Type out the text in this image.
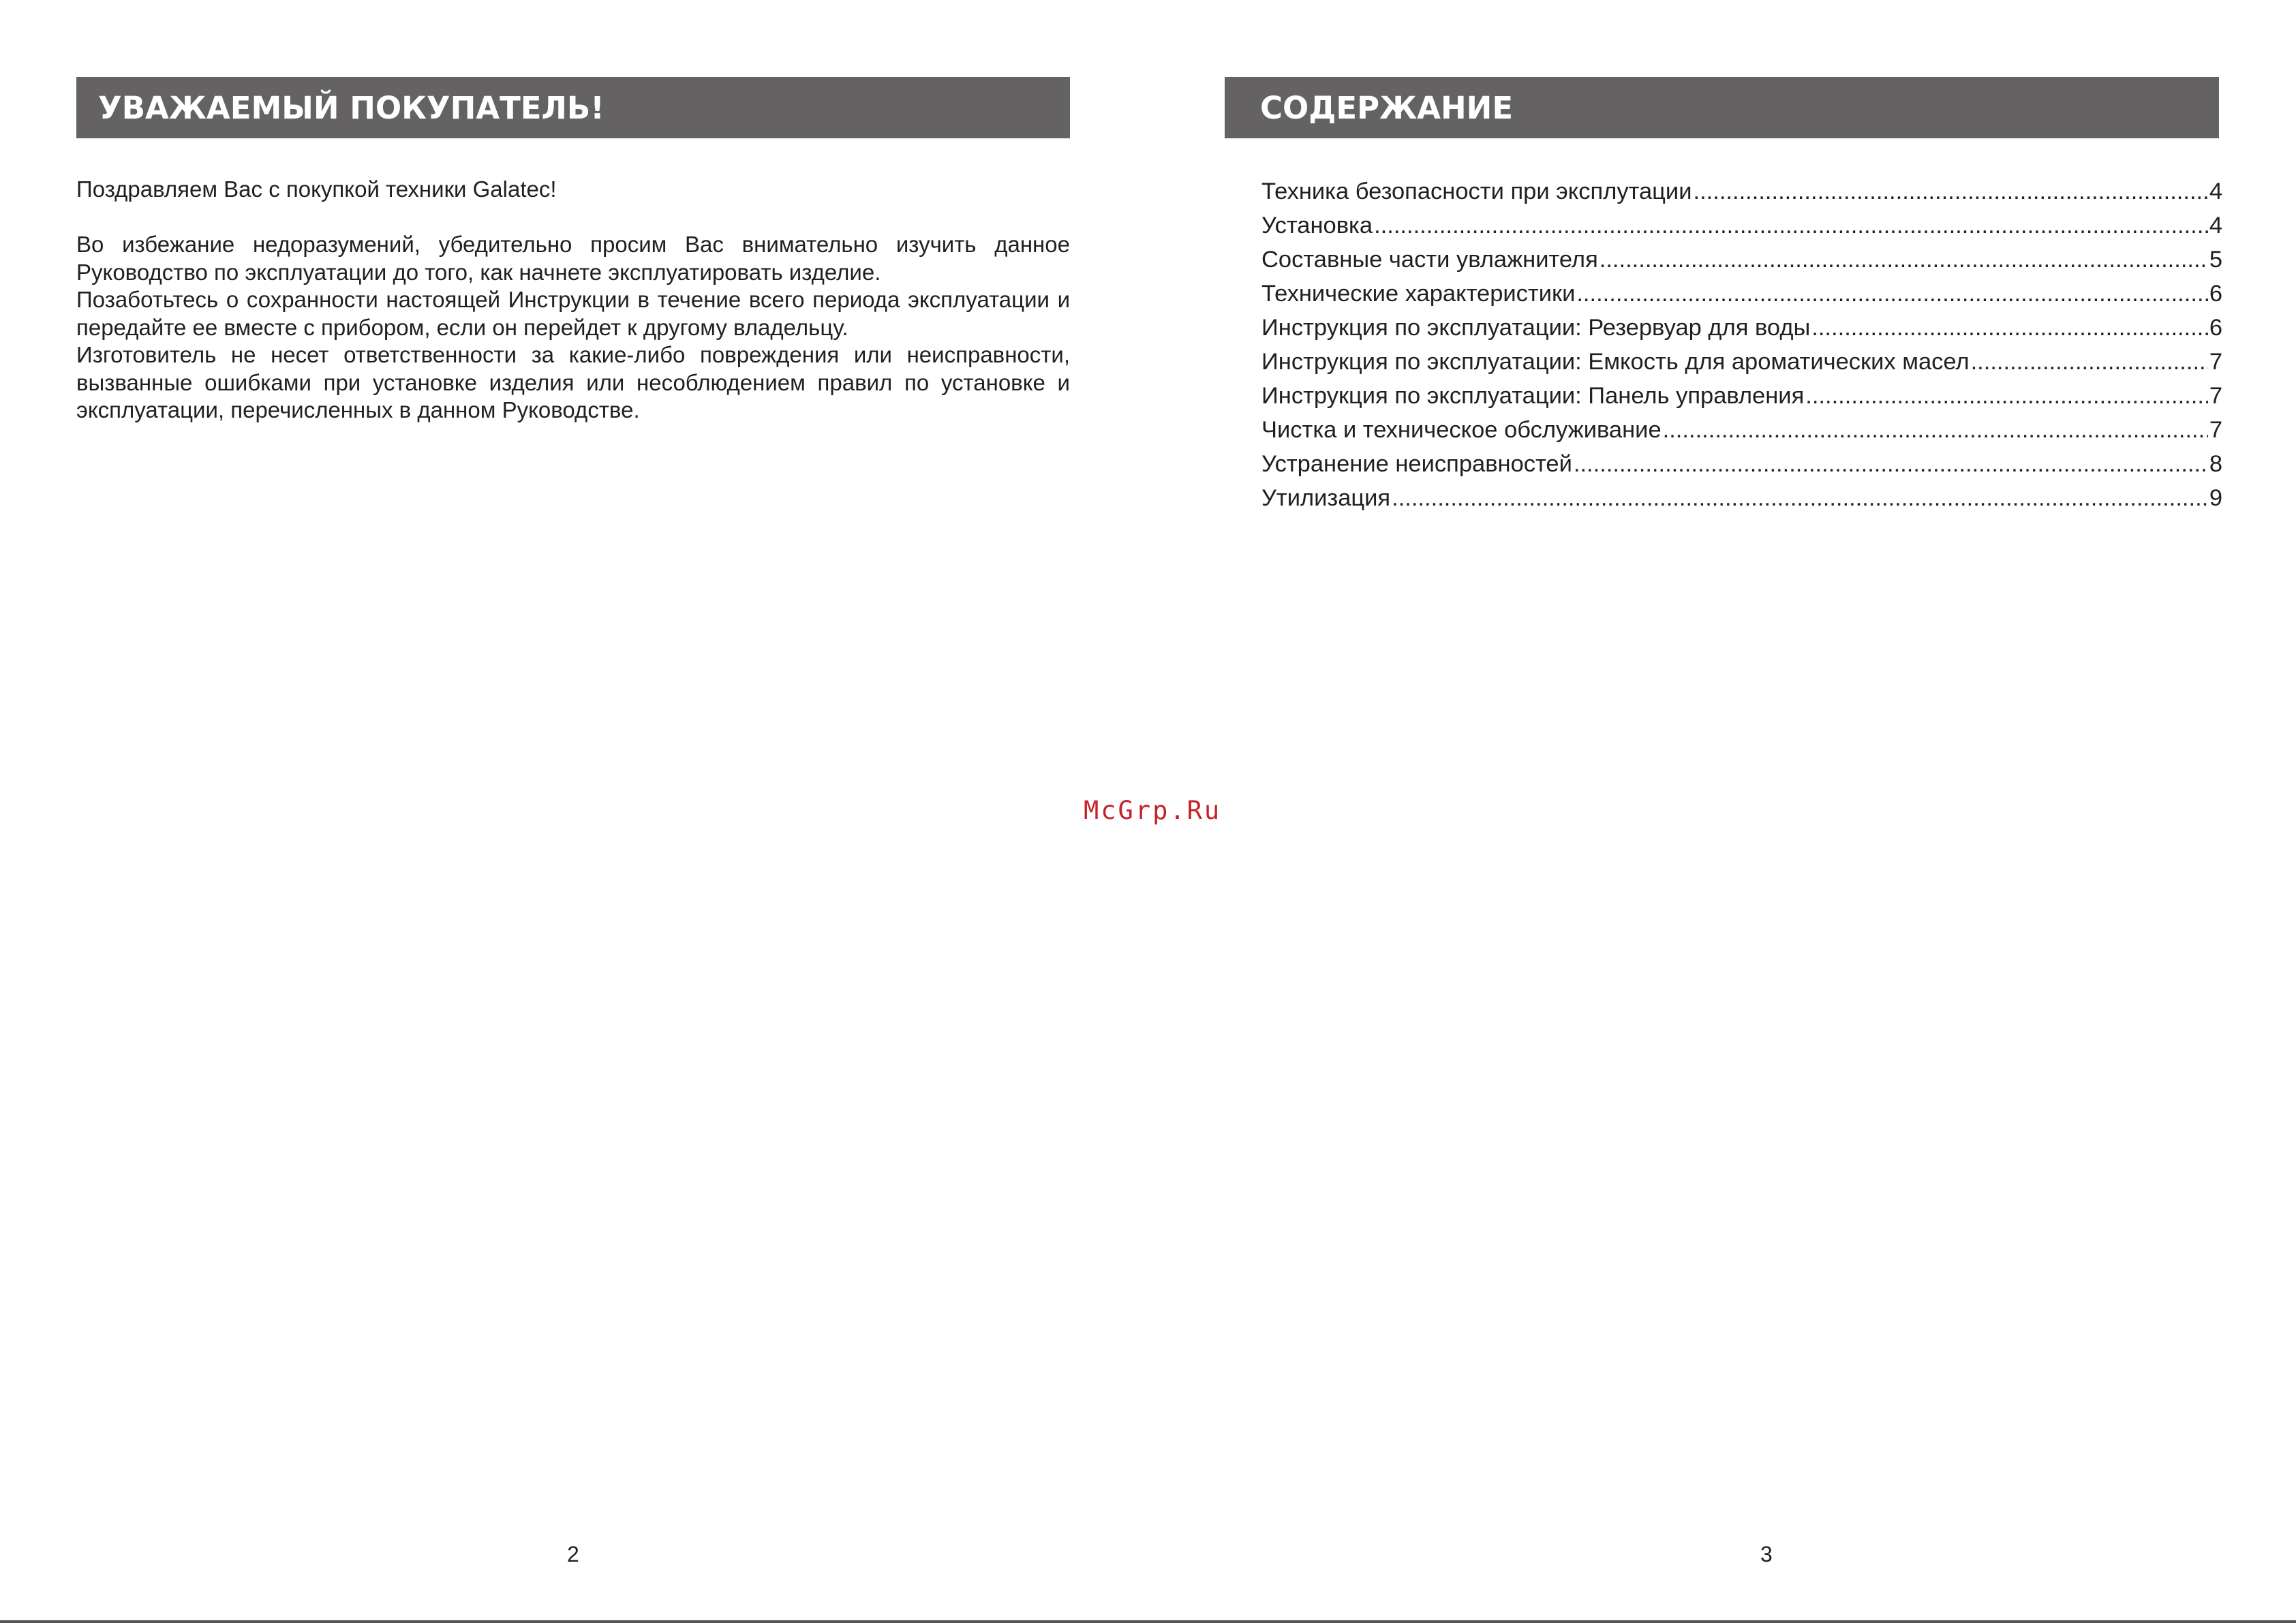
УВАЖАЕМЫЙ ПОКУПАТЕЛЬ!	СОДЕРЖАНИЕ
Поздравляем Вас с покупкой техники Galatec!

Во избежание недоразумений, убедительно просим Вас внимательно изучить данное Руководство по эксплуатации до того, как начнете эксплуатировать изделие.

Позаботьтесь о сохранности настоящей Инструкции в течение всего периода эксплуатации и передайте ее вместе с прибором, если он перейдет к другому владельцу.

Изготовитель не несет ответственности за какие-либо повреждения или неисправности, вызванные ошибками при установке изделия или несоблюдением правил по установке и эксплуатации, перечисленных в данном Руководстве.

Техника безопасности при эксплутации .....	4
Установка .....	4
Составные части увлажнителя .....	5
Технические характеристики .....	6
Инструкция по эксплуатации: Резервуар для воды .....	6
Инструкция по эксплуатации: Емкость для ароматических масел .....	7
Инструкция по эксплуатации: Панель управления .....	7
Чистка и техническое обслуживание .....	7
Устранение неисправностей .....	8
Утилизация .....	9
McGrp.Ru
2	3
